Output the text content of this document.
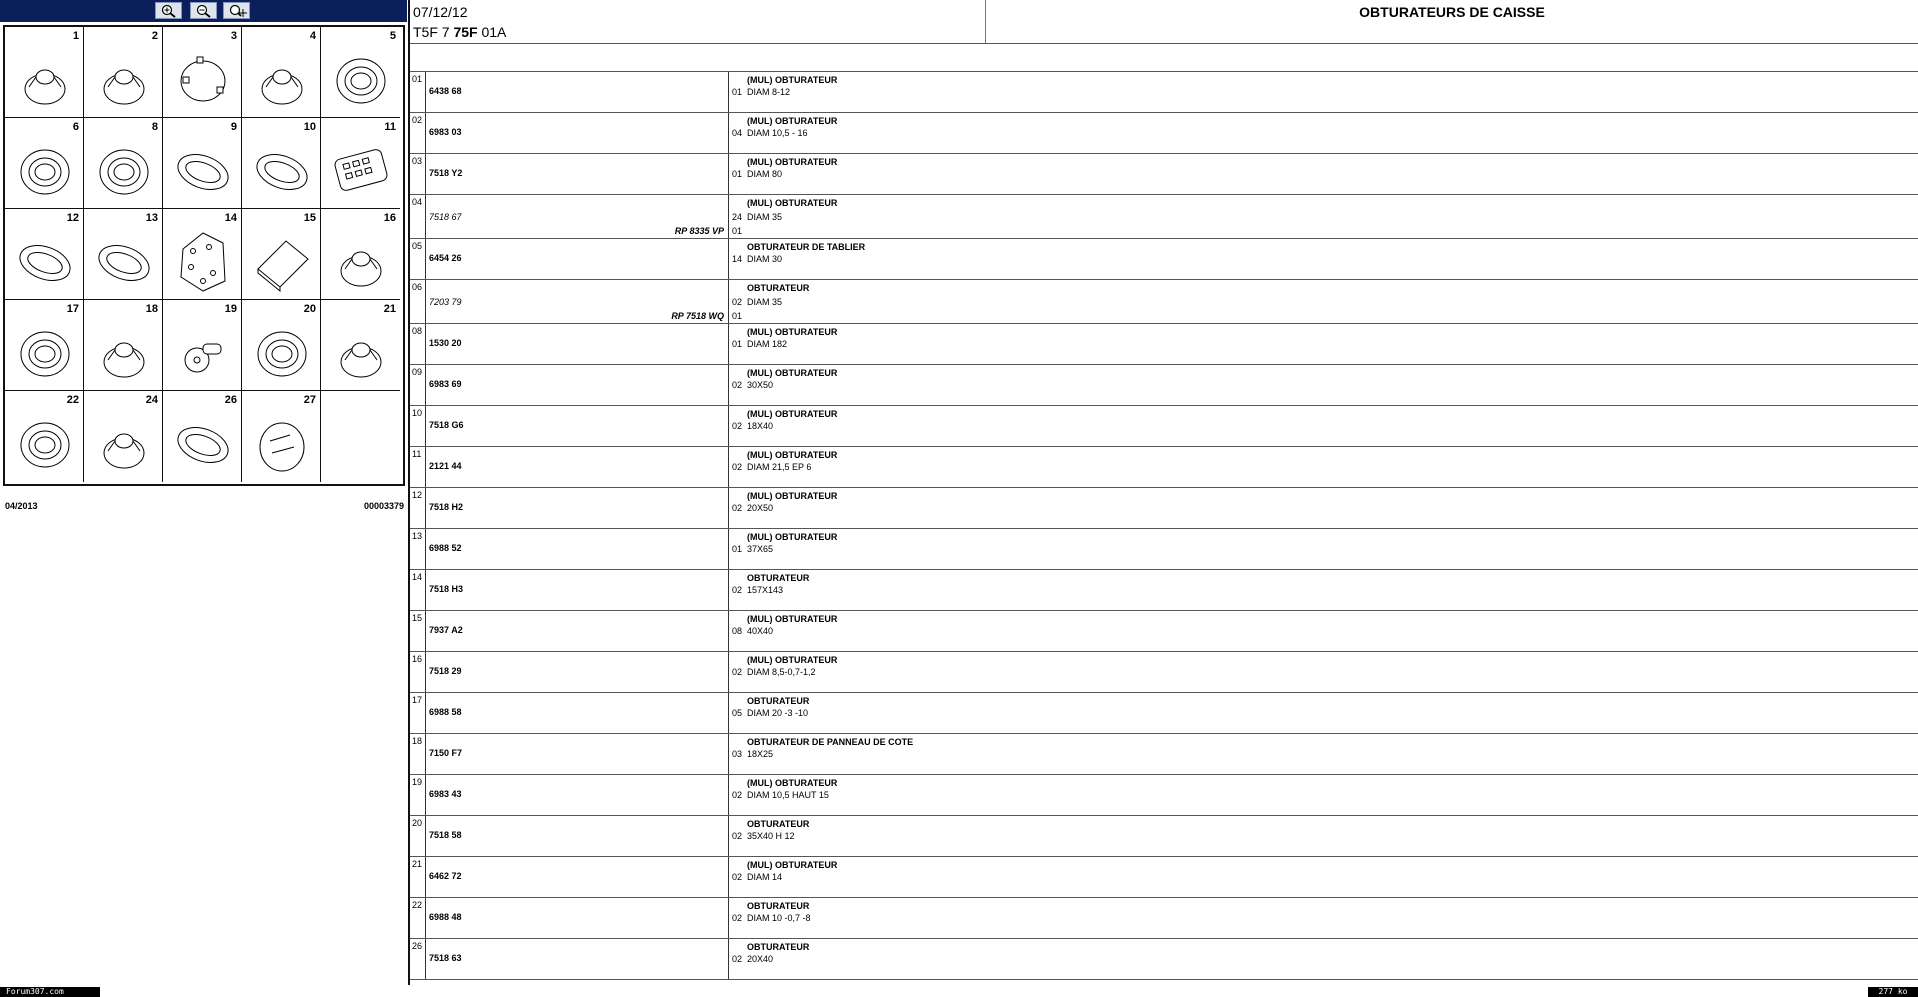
1	2	3	4	5
6	8	9	10	11
12	13	14	15	16
17	18	19	20	21
22	24	26	27
04/2013	00003379
07/12/12
T5F 7 75F 01A
OBTURATEURS DE CAISSE
01
6438 68
(MUL) OBTURATEUR
01 DIAM 8-12
02
6983 03
(MUL) OBTURATEUR
04 DIAM 10,5 - 16
03
7518 Y2
(MUL) OBTURATEUR
01 DIAM 80
04
7518 67
(MUL) OBTURATEUR
24 DIAM 35
RP 8335 VP 01
05
6454 26
OBTURATEUR DE TABLIER
14 DIAM 30
06
7203 79
OBTURATEUR
02 DIAM 35
RP 7518 WQ 01
08
1530 20
(MUL) OBTURATEUR
01 DIAM 182
09
6983 69
(MUL) OBTURATEUR
02 30X50
10
7518 G6
(MUL) OBTURATEUR
02 18X40
11
2121 44
(MUL) OBTURATEUR
02 DIAM 21,5 EP 6
12
7518 H2
(MUL) OBTURATEUR
02 20X50
13
6988 52
(MUL) OBTURATEUR
01 37X65
14
7518 H3
OBTURATEUR
02 157X143
15
7937 A2
(MUL) OBTURATEUR
08 40X40
16
7518 29
(MUL) OBTURATEUR
02 DIAM 8,5-0,7-1,2
17
6988 58
OBTURATEUR
05 DIAM 20 -3 -10
18
7150 F7
OBTURATEUR DE PANNEAU DE COTE
03 18X25
19
6983 43
(MUL) OBTURATEUR
02 DIAM 10,5 HAUT 15
20
7518 58
OBTURATEUR
02 35X40 H 12
21
6462 72
(MUL) OBTURATEUR
02 DIAM 14
22
6988 48
OBTURATEUR
02 DIAM 10 -0,7 -8
26
7518 63
OBTURATEUR
02 20X40
Forum307.com	277 ko
